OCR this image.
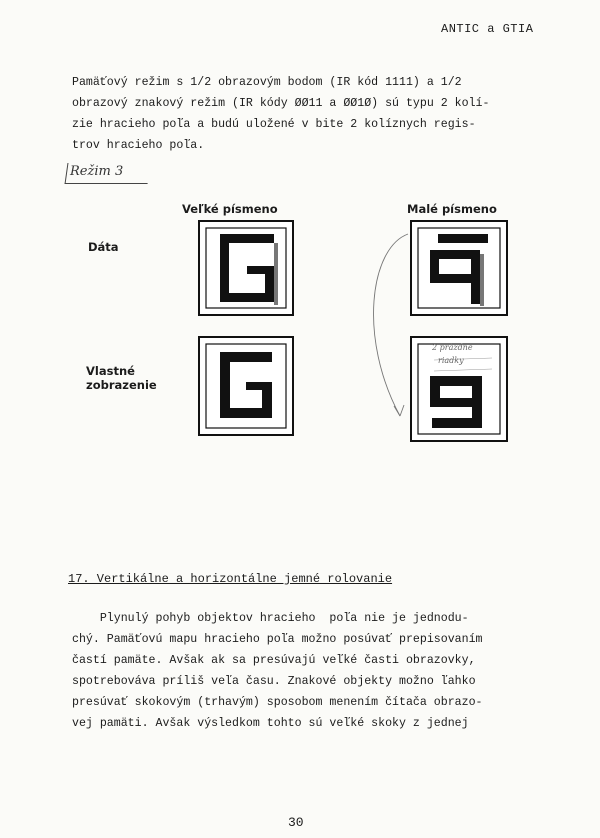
ANTIC a GTIA
Pamäťový režim s 1/2 obrazovým bodom (IR kód 1111) a 1/2
obrazový znakový režim (IR kódy ØØ11 a ØØ1Ø) sú typu 2 kolí-
zie hracieho poľa a budú uložené v bite 2 kolíznych regis-
trov hracieho poľa.
Režim 3
Veľké písmeno	Malé písmeno
Dáta
Vlastné
zobrazenie
2 prázdne
riadky
17. Vertikálne a horizontálne jemné rolovanie
Plynulý pohyb objektov hracieho  poľa nie je jednodu-
chý. Pamäťovú mapu hracieho poľa možno posúvať prepisovaním
častí pamäte. Avšak ak sa presúvajú veľké časti obrazovky,
spotrebováva príliš veľa času. Znakové objekty možno ľahko
presúvať skokovým (trhavým) sposobom menením čítača obrazo-
vej pamäti. Avšak výsledkom tohto sú veľké skoky z jednej
30
